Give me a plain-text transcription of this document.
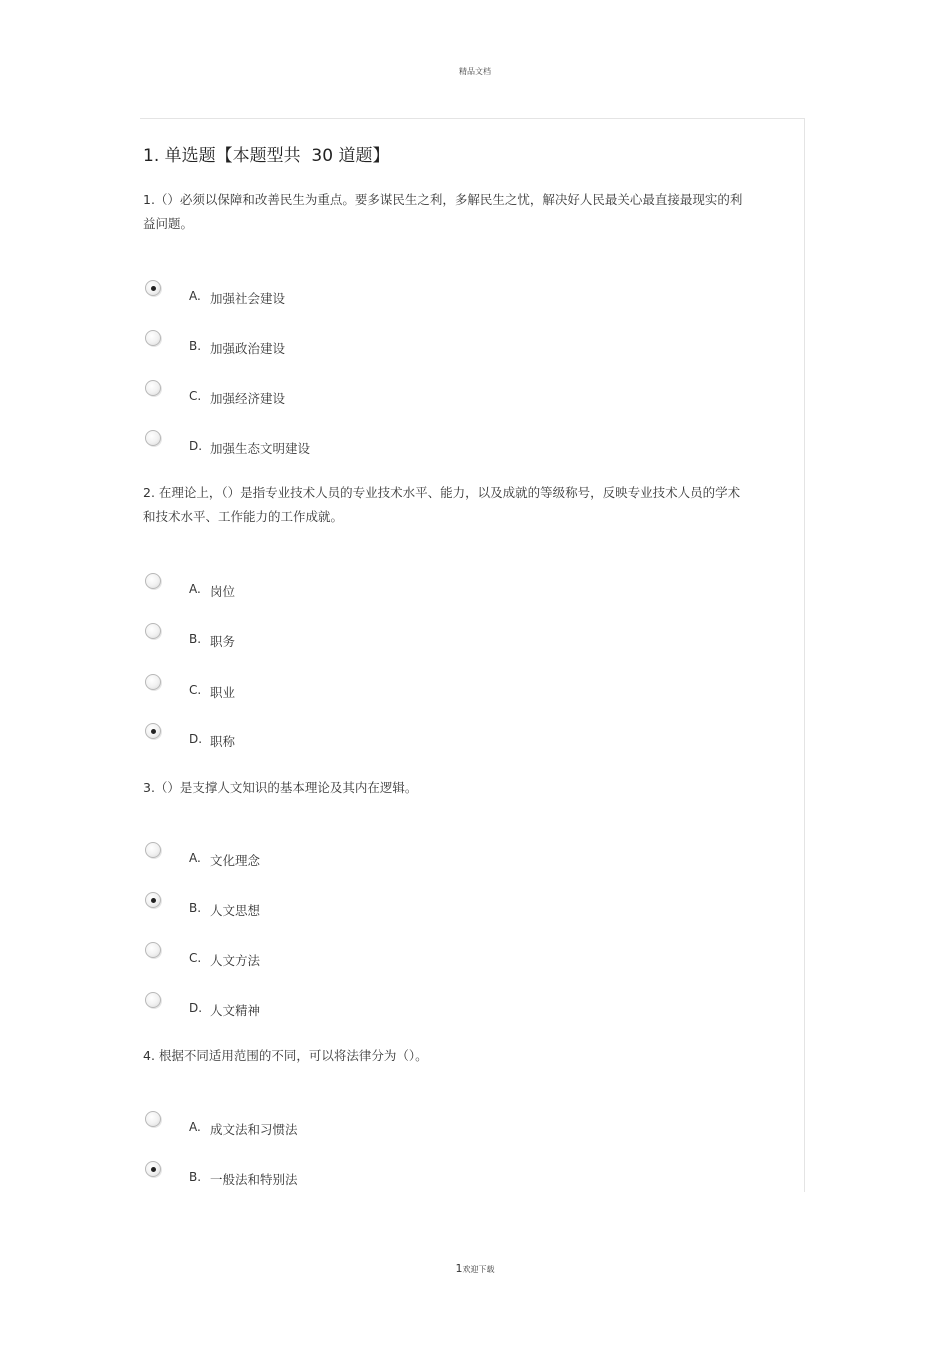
精品文档
1. 单选题【本题型共  30 道题】
1.（）必须以保障和改善民生为重点。要多谋民生之利，多解民生之忧，解决好人民最关心最直接最现实的利益问题。
A. 加强社会建设
B. 加强政治建设
C. 加强经济建设
D. 加强生态文明建设
2. 在理论上，（）是指专业技术人员的专业技术水平、能力，以及成就的等级称号，反映专业技术人员的学术和技术水平、工作能力的工作成就。
A. 岗位
B. 职务
C. 职业
D. 职称
3.（）是支撑人文知识的基本理论及其内在逻辑。
A. 文化理念
B. 人文思想
C. 人文方法
D. 人文精神
4. 根据不同适用范围的不同，可以将法律分为（）。
A. 成文法和习惯法
B. 一般法和特别法
1欢迎下载
